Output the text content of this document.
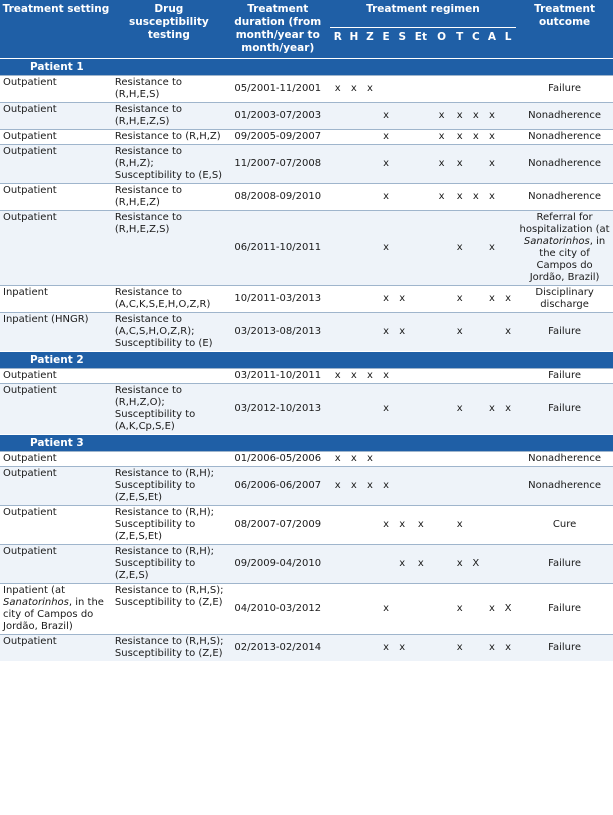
Treatment setting	Drug susceptibility testing	Treatment duration (from month/year to month/year)	Treatment regimen											Treatment outcome
			R	H	Z	E	S	Et	O	T	C	A	L	
Patient 1														
Outpatient	Resistance to (R,H,E,S)	05/2001-11/2001	x	x	x									Failure
Outpatient	Resistance to (R,H,E,Z,S)	01/2003-07/2003				x			x	x	x	x		Nonadherence
Outpatient	Resistance to (R,H,Z)	09/2005-09/2007				x			x	x	x	x		Nonadherence
Outpatient	Resistance to (R,H,Z); Susceptibility to (E,S)	11/2007-07/2008				x			x	x		x		Nonadherence
Outpatient	Resistance to (R,H,E,Z)	08/2008-09/2010				x			x	x	x	x		Nonadherence
Outpatient	Resistance to (R,H,E,Z,S)	06/2011-10/2011				x				x		x		Referral for hospitalization (at Sanatorinhos, in the city of Campos do Jordão, Brazil)
Inpatient	Resistance to (A,C,K,S,E,H,O,Z,R)	10/2011-03/2013				x	x			x		x	x	Disciplinary discharge
Inpatient (HNGR)	Resistance to (A,C,S,H,O,Z,R); Susceptibility to (E)	03/2013-08/2013				x	x			x			x	Failure
Patient 2														
Outpatient		03/2011-10/2011	x	x	x	x								Failure
Outpatient	Resistance to (R,H,Z,O); Susceptibility to (A,K,Cp,S,E)	03/2012-10/2013				x				x		x	x	Failure
Patient 3														
Outpatient		01/2006-05/2006	x	x	x									Nonadherence
Outpatient	Resistance to (R,H); Susceptibility to (Z,E,S,Et)	06/2006-06/2007	x	x	x	x								Nonadherence
Outpatient	Resistance to (R,H); Susceptibility to (Z,E,S,Et)	08/2007-07/2009				x	x	x		x				Cure
Outpatient	Resistance to (R,H); Susceptibility to (Z,E,S)	09/2009-04/2010					x	x		x	X			Failure
Inpatient (at Sanatorinhos, in the city of Campos do Jordão, Brazil)	Resistance to (R,H,S); Susceptibility to (Z,E)	04/2010-03/2012				x				x		x	X	Failure
Outpatient	Resistance to (R,H,S); Susceptibility to (Z,E)	02/2013-02/2014				x	x			x		x	x	Failure
